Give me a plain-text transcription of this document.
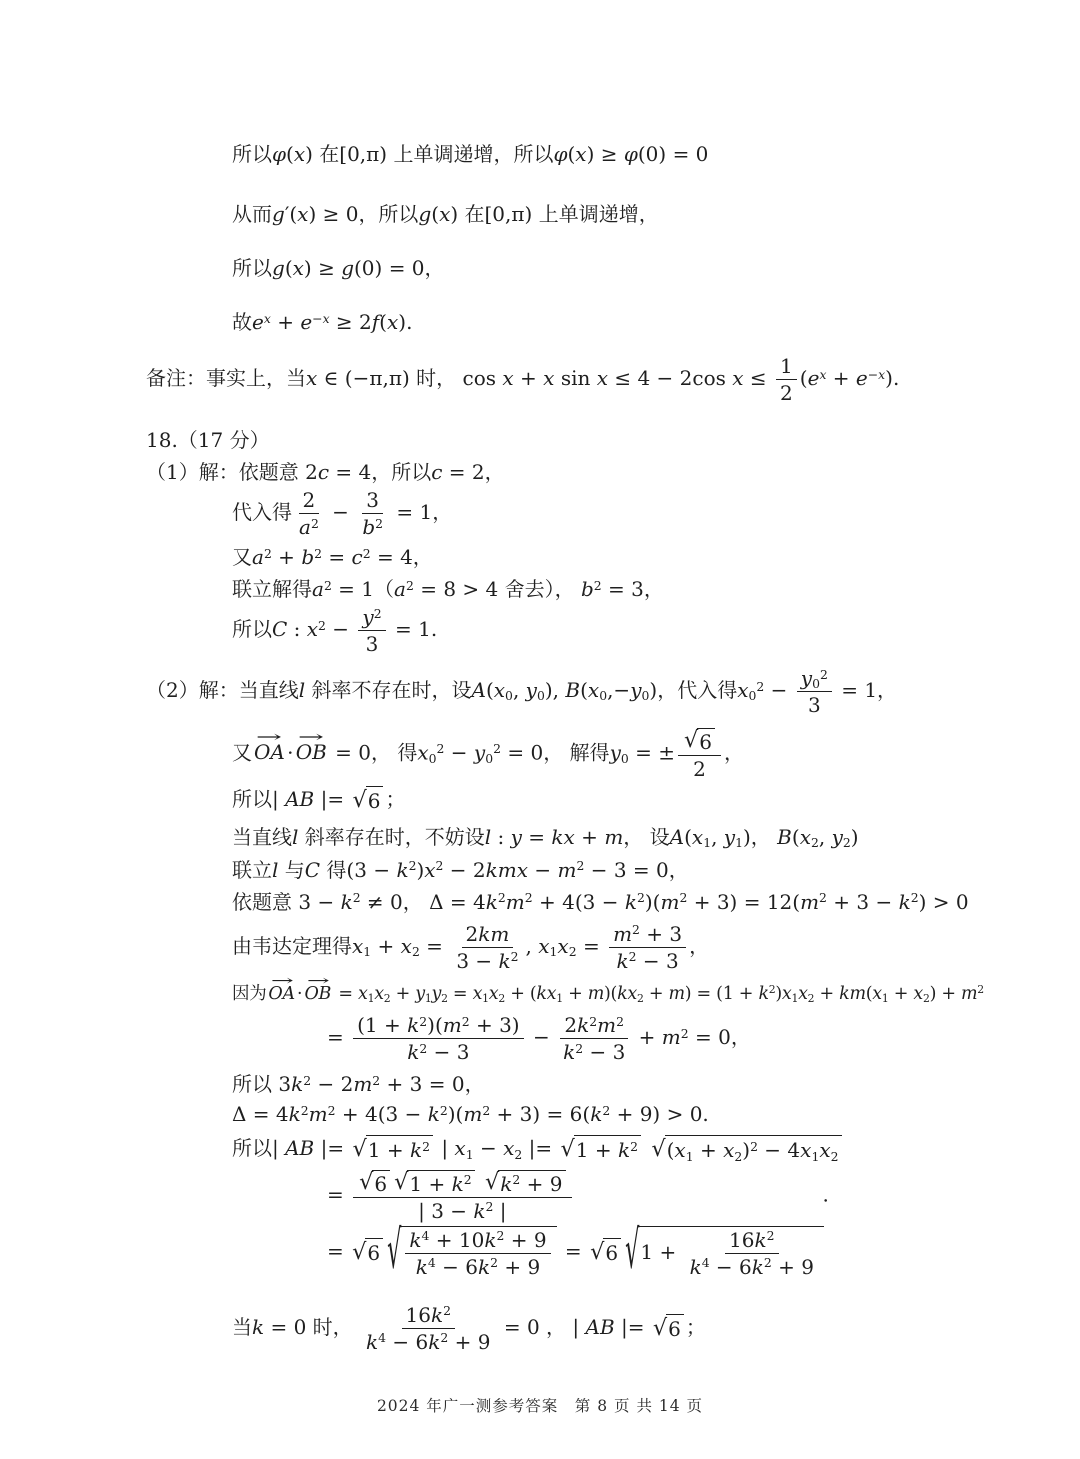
所以φ(x) 在[0,π) 上单调递增，所以φ(x) ≥ φ(0) = 0
从而g′(x) ≥ 0，所以g(x) 在[0,π) 上单调递增，
所以g(x) ≥ g(0) = 0，
故$e^x + e^{-x} \ge 2f(x)$.
备注：事实上，当x ∈ (−π,π) 时， cos x + x sin x ≤ 4 − 2cos $x \le \frac{1}{2} (e^x + e^{-x})$.
18.（17 分）
（1）解：依题意 2c = 4，所以c = 2，
代入得 $\frac{2}{a^2} - \frac{3}{b^2} = 1$，
又$a^2 + b^2 = c^2 = 4$，
联立解得$a^2 = 1(a^2 = 8 > 4$ 舍去）， $b^2 = 3$，
所以C : $x^2 - \frac{y^2}{3} = 1$.
（2）解：当直线l 斜率不存在时，设A(x0, y0), B(x0,−y0)，代入得$x0^2 - \frac{y0^2}{3} = 1$，
又 OA → ⋅ OB → = 0， 得$x0^2 - y0^2 = 0$， 解得y0 = ± $\frac{√ 6}{2}$ ，
所以| AB |= √ 6 ；
当直线l 斜率存在时，不妨设l : y = kx + m， 设A(x1, y1)， B(x2, y2)
联立l 与C 得$(3 - k^2)x^2 - 2kmx - m^2 - 3 = 0$，
依题意 $3 - k^2 \ne 0$， $\Delta = 4k^2m^2 + 4(3 - k^2)(m^2 + 3) = 12(m^2 + 3 - k^2) > 0$
由韦达定理得$x1 + x2 = \frac{2km}{3 - k^2}$ , $x1x2 = \frac{m^2 + 3}{k^2 - 3}$ ，
因为 OA → ⋅ OB → = $x1x2 + y1y2 = x1x2 + (kx1 + m)(kx2 + m) = (1 + k^2)x1x2 + km(x1 + x2) + m^2$
= $\frac{(1 + k^2)(m^2 + 3)}{k^2 - 3} - \frac{2k^2m^2}{k^2 - 3} + m^2 = 0$，
所以 $3k^2 - 2m^2 + 3 = 0$，
$\Delta = 4k^2m^2 + 4(3 - k^2)(m^2 + 3) = 6(k^2 + 9) > 0$.
所以| AB |= √ $1 + k^2$ | x1 − x2 |= √ $1 + k^2$
√ $(x1 + x2)^2 - 4x1x2$
= √ 6 √ $1 + k^2$
√ $k^2 + 9$
| $3 - k^2$ |	.
= √ 6 √ $\frac{k^4 + 10k^2 + 9}{k^4 - 6k^2 + 9}$ = √ 6 √ $1 + \frac{16k^2}{k^4 - 6k^2 + 9}$
当k = 0 时， $\frac{16k^2}{k^4 - 6k^2 + 9} = 0$ ， | AB |= √ 6 ；
2024 年广一测参考答案　第 8 页 共 14 页
